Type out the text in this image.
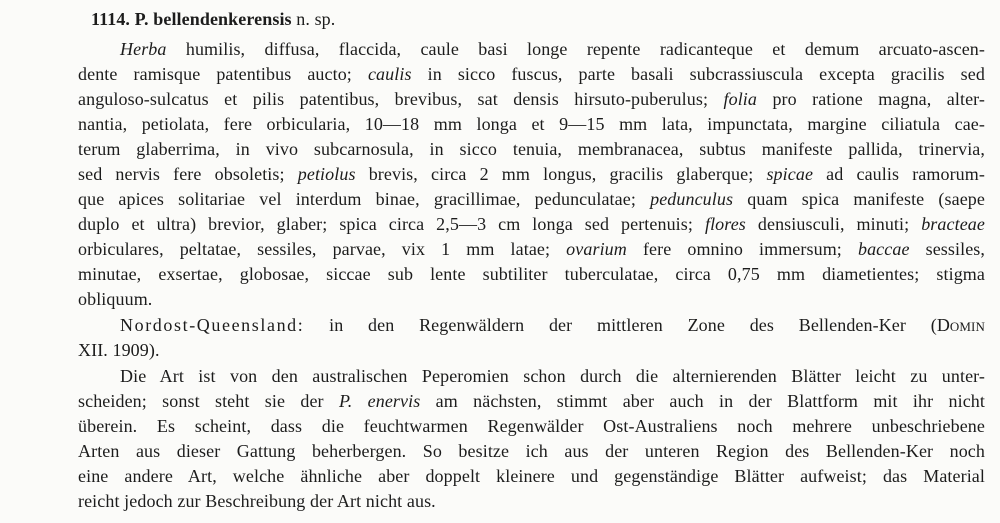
1114. P. bellendenkerensis n. sp.
Herba humilis, diffusa, flaccida, caule basi longe repente radicanteque et demum arcuato-ascen-
dente ramisque patentibus aucto; caulis in sicco fuscus, parte basali subcrassiuscula excepta gracilis sed
anguloso-sulcatus et pilis patentibus, brevibus, sat densis hirsuto-puberulus; folia pro ratione magna, alter-
nantia, petiolata, fere orbicularia, 10—18 mm longa et 9—15 mm lata, impunctata, margine ciliatula cae-
terum glaberrima, in vivo subcarnosula, in sicco tenuia, membranacea, subtus manifeste pallida, trinervia,
sed nervis fere obsoletis; petiolus brevis, circa 2 mm longus, gracilis glaberque; spicae ad caulis ramorum-
que apices solitariae vel interdum binae, gracillimae, pedunculatae; pedunculus quam spica manifeste (saepe
duplo et ultra) brevior, glaber; spica circa 2,5—3 cm longa sed pertenuis; flores densiusculi, minuti; bracteae
orbiculares, peltatae, sessiles, parvae, vix 1 mm latae; ovarium fere omnino immersum; baccae sessiles,
minutae, exsertae, globosae, siccae sub lente subtiliter tuberculatae, circa 0,75 mm diametientes; stigma
obliquum.
Nordost-Queensland: in den Regenwäldern der mittleren Zone des Bellenden-Ker (Domin
XII. 1909).
Die Art ist von den australischen Peperomien schon durch die alternierenden Blätter leicht zu unter-
scheiden; sonst steht sie der P. enervis am nächsten, stimmt aber auch in der Blattform mit ihr nicht
überein. Es scheint, dass die feuchtwarmen Regenwälder Ost-Australiens noch mehrere unbeschriebene
Arten aus dieser Gattung beherbergen. So besitze ich aus der unteren Region des Bellenden-Ker noch
eine andere Art, welche ähnliche aber doppelt kleinere und gegenständige Blätter aufweist; das Material
reicht jedoch zur Beschreibung der Art nicht aus.
